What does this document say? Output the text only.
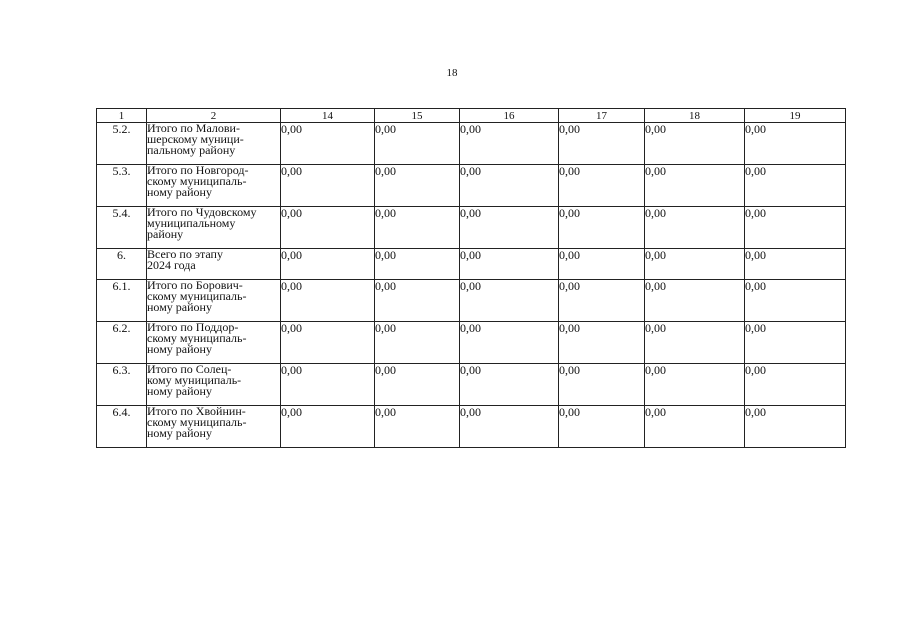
18
1	2	14	15	16	17	18	19
5.2.	Итого по Малови-
шерскому муници-
пальному району	0,00	0,00	0,00	0,00	0,00	0,00
5.3.	Итого по Новгород-
скому муниципаль-
ному району	0,00	0,00	0,00	0,00	0,00	0,00
5.4.	Итого по Чудовскому
муниципальному
району	0,00	0,00	0,00	0,00	0,00	0,00
6.	Всего по этапу
2024 года	0,00	0,00	0,00	0,00	0,00	0,00
6.1.	Итого по Борович-
скому муниципаль-
ному району	0,00	0,00	0,00	0,00	0,00	0,00
6.2.	Итого по Поддор-
скому муниципаль-
ному району	0,00	0,00	0,00	0,00	0,00	0,00
6.3.	Итого по Солец-
кому муниципаль-
ному району	0,00	0,00	0,00	0,00	0,00	0,00
6.4.	Итого по Хвойнин-
скому муниципаль-
ному району	0,00	0,00	0,00	0,00	0,00	0,00
